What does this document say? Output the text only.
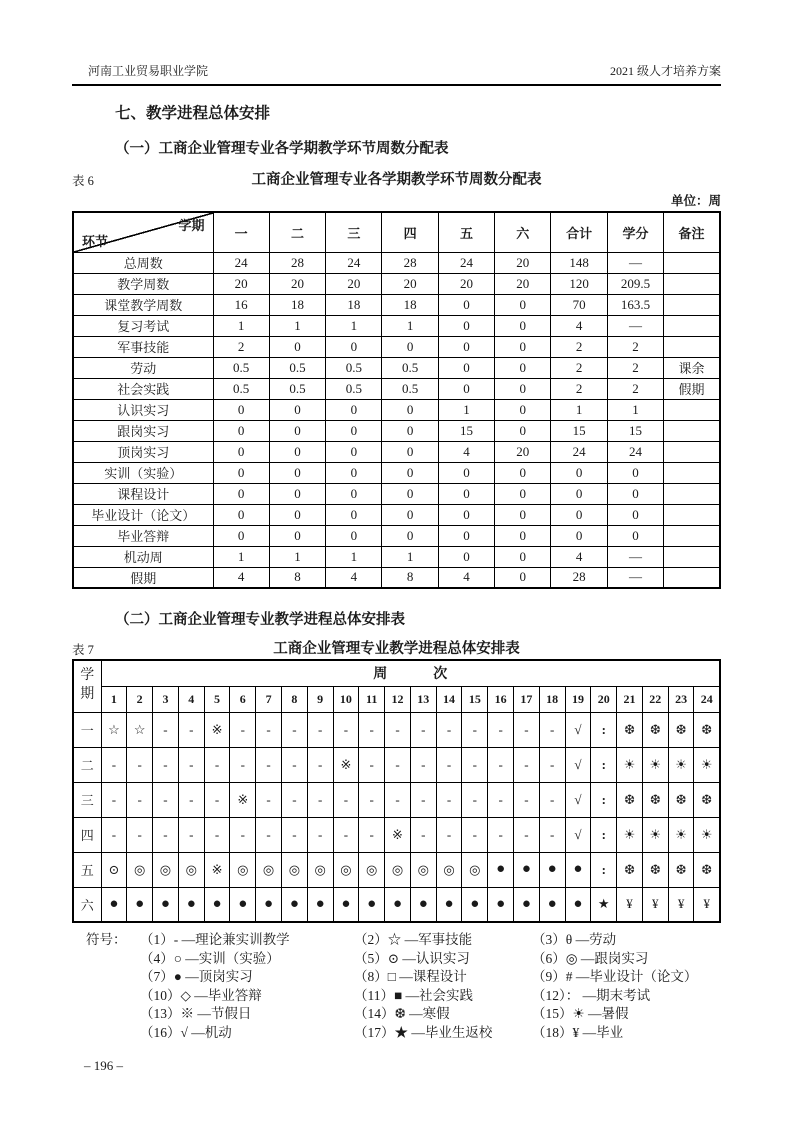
河南工业贸易职业学院	2021 级人才培养方案
七、教学进程总体安排
（一）工商企业管理专业各学期教学环节周数分配表
表 6	工商企业管理专业各学期教学环节周数分配表
单位：周
学期
环节	一	二	三	四	五	六	合计	学分	备注
总周数	24	28	24	28	24	20	148	—	
教学周数	20	20	20	20	20	20	120	209.5	
课堂教学周数	16	18	18	18	0	0	70	163.5	
复习考试	1	1	1	1	0	0	4	—	
军事技能	2	0	0	0	0	0	2	2	
劳动	0.5	0.5	0.5	0.5	0	0	2	2	课余
社会实践	0.5	0.5	0.5	0.5	0	0	2	2	假期
认识实习	0	0	0	0	1	0	1	1	
跟岗实习	0	0	0	0	15	0	15	15	
顶岗实习	0	0	0	0	4	20	24	24	
实训（实验）	0	0	0	0	0	0	0	0	
课程设计	0	0	0	0	0	0	0	0	
毕业设计（论文）	0	0	0	0	0	0	0	0	
毕业答辩	0	0	0	0	0	0	0	0	
机动周	1	1	1	1	0	0	4	—	
假期	4	8	4	8	4	0	28	—	
（二）工商企业管理专业教学进程总体安排表
表 7	工商企业管理专业教学进程总体安排表
学期	周 次																							

	1	2	3	4	5	6	7	8	9	10	11	12	13	14	15	16	17	18	19	20	21	22	23	24
一	☆	☆	-	-	※	-	-	-	-	-	-	-	-	-	-	-	-	-	√	:	❆	❆	❆	❆
二	-	-	-	-	-	-	-	-	-	※	-	-	-	-	-	-	-	-	√	:	☀	☀	☀	☀
三	-	-	-	-	-	※	-	-	-	-	-	-	-	-	-	-	-	-	√	:	❆	❆	❆	❆
四	-	-	-	-	-	-	-	-	-	-	-	※	-	-	-	-	-	-	√	:	☀	☀	☀	☀
五	⊙	◎	◎	◎	※	◎	◎	◎	◎	◎	◎	◎	◎	◎	◎	●	●	●	●	:	❆	❆	❆	❆
六	●	●	●	●	●	●	●	●	●	●	●	●	●	●	●	●	●	●	●	★	¥	¥	¥	¥
符号：	（1）- —理论兼实训教学	（2）☆ —军事技能	（3）θ —劳动
（4）○ —实训（实验）	（5）⊙ —认识实习	（6）◎ —跟岗实习
（7）● —顶岗实习	（8）□ —课程设计	（9）# —毕业设计（论文）
（10）◇ —毕业答辩	（11）■ —社会实践	（12）： —期末考试
（13）※ —节假日	（14）❆ —寒假	（15）☀ —暑假
（16）√ —机动	（17）★ —毕业生返校	（18）¥ —毕业
– 196 –
